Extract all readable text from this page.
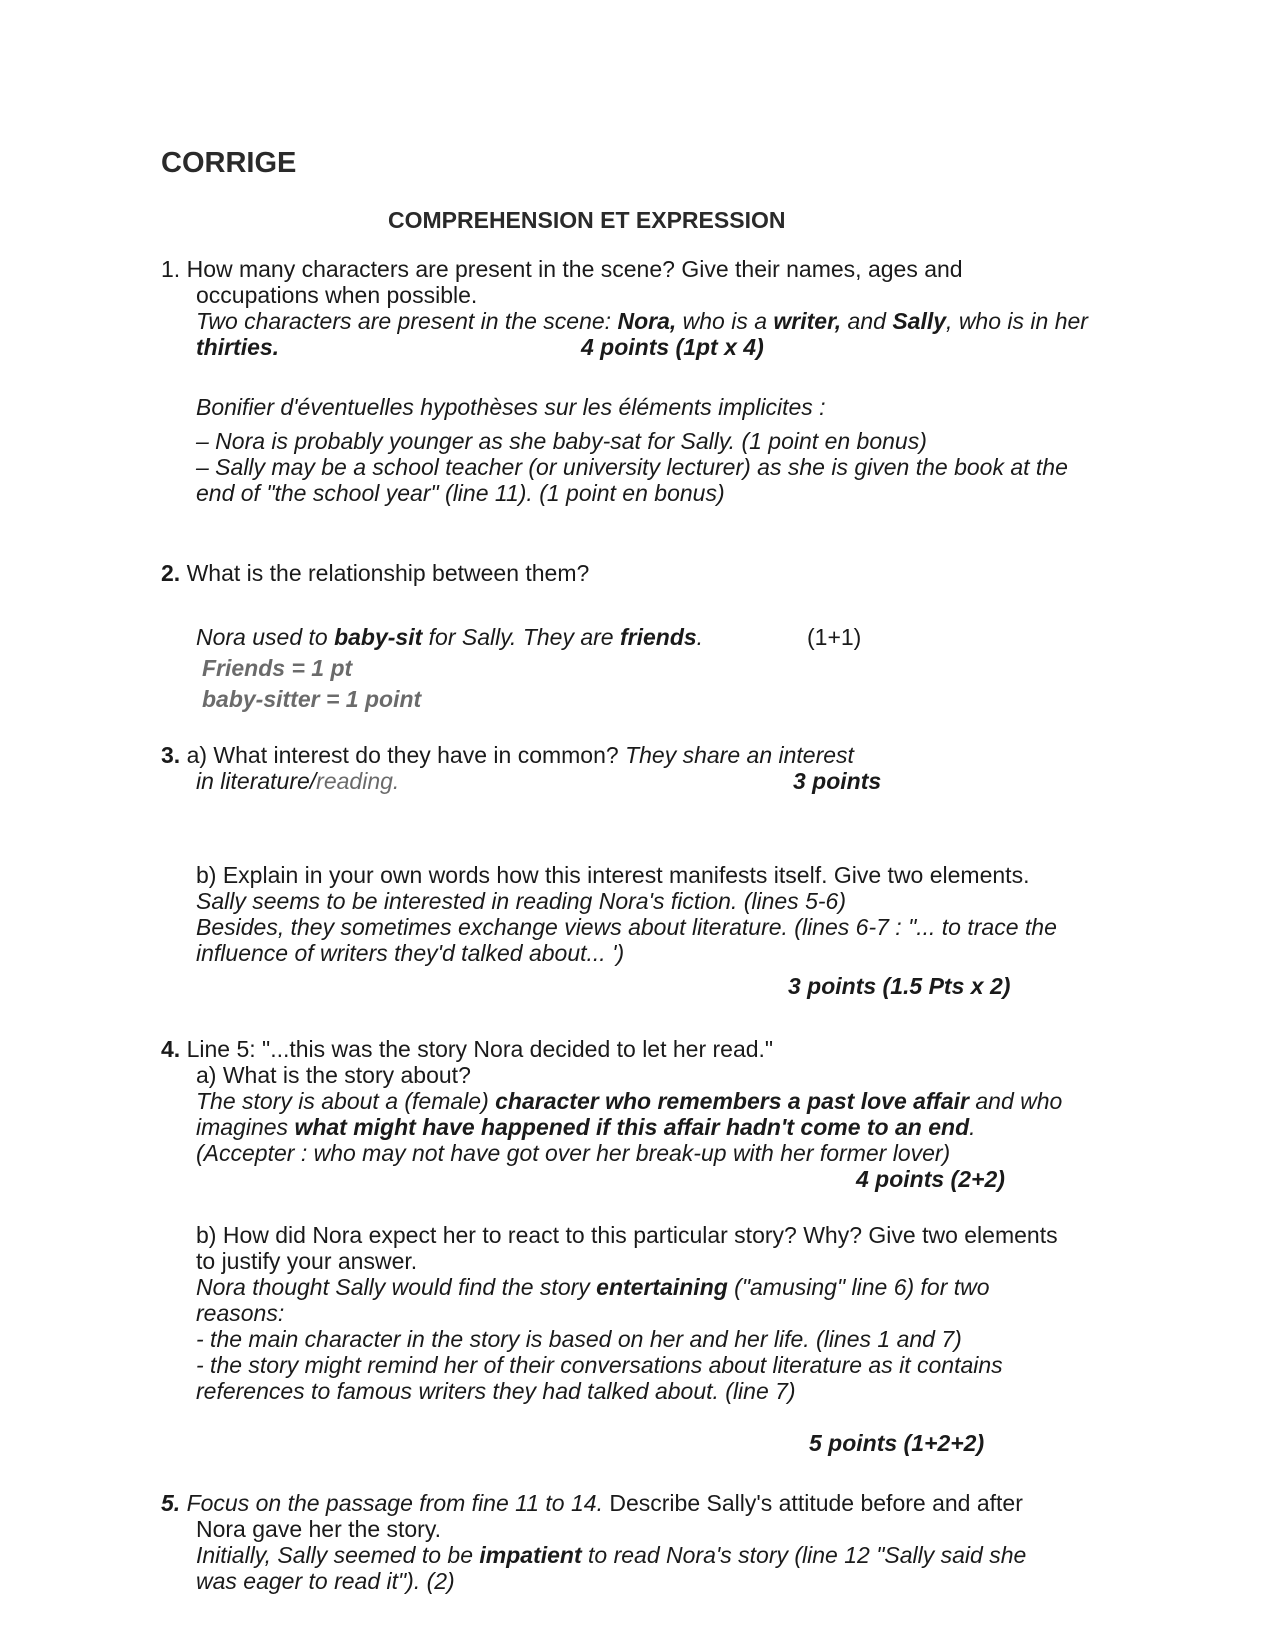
CORRIGE
COMPREHENSION ET EXPRESSION
1. How many characters are present in the scene? Give their names, ages and
occupations when possible.
Two characters are present in the scene: Nora, who is a writer, and Sally, who is in her
thirties.	4 points (1pt x 4)
Bonifier d'éventuelles hypothèses sur les éléments implicites :
– Nora is probably younger as she baby-sat for Sally. (1 point en bonus)
– Sally may be a school teacher (or university lecturer) as she is given the book at the
end of "the school year" (line 11). (1 point en bonus)
2. What is the relationship between them?
Nora used to baby-sit for Sally. They are friends.
Friends = 1 pt
baby-sitter = 1 point
(1+1)
3. a) What interest do they have in common? They share an interest
in literature/reading.	3 points
b) Explain in your own words how this interest manifests itself. Give two elements.
Sally seems to be interested in reading Nora's fiction. (lines 5-6)
Besides, they sometimes exchange views about literature. (lines 6-7 : "... to trace the
influence of writers they'd talked about... ')
3 points (1.5 Pts x 2)
4. Line 5: "...this was the story Nora decided to let her read."
a) What is the story about?
The story is about a (female) character who remembers a past love affair and who
imagines what might have happened if this affair hadn't come to an end.
(Accepter : who may not have got over her break-up with her former lover)
4 points (2+2)
b) How did Nora expect her to react to this particular story? Why? Give two elements
to justify your answer.
Nora thought Sally would find the story entertaining ("amusing" line 6) for two
reasons:
- the main character in the story is based on her and her life. (lines 1 and 7)
- the story might remind her of their conversations about literature as it contains
references to famous writers they had talked about. (line 7)
5 points (1+2+2)
5. Focus on the passage from fine 11 to 14. Describe Sally's attitude before and after
Nora gave her the story.
Initially, Sally seemed to be impatient to read Nora's story (line 12 "Sally said she
was eager to read it"). (2)
